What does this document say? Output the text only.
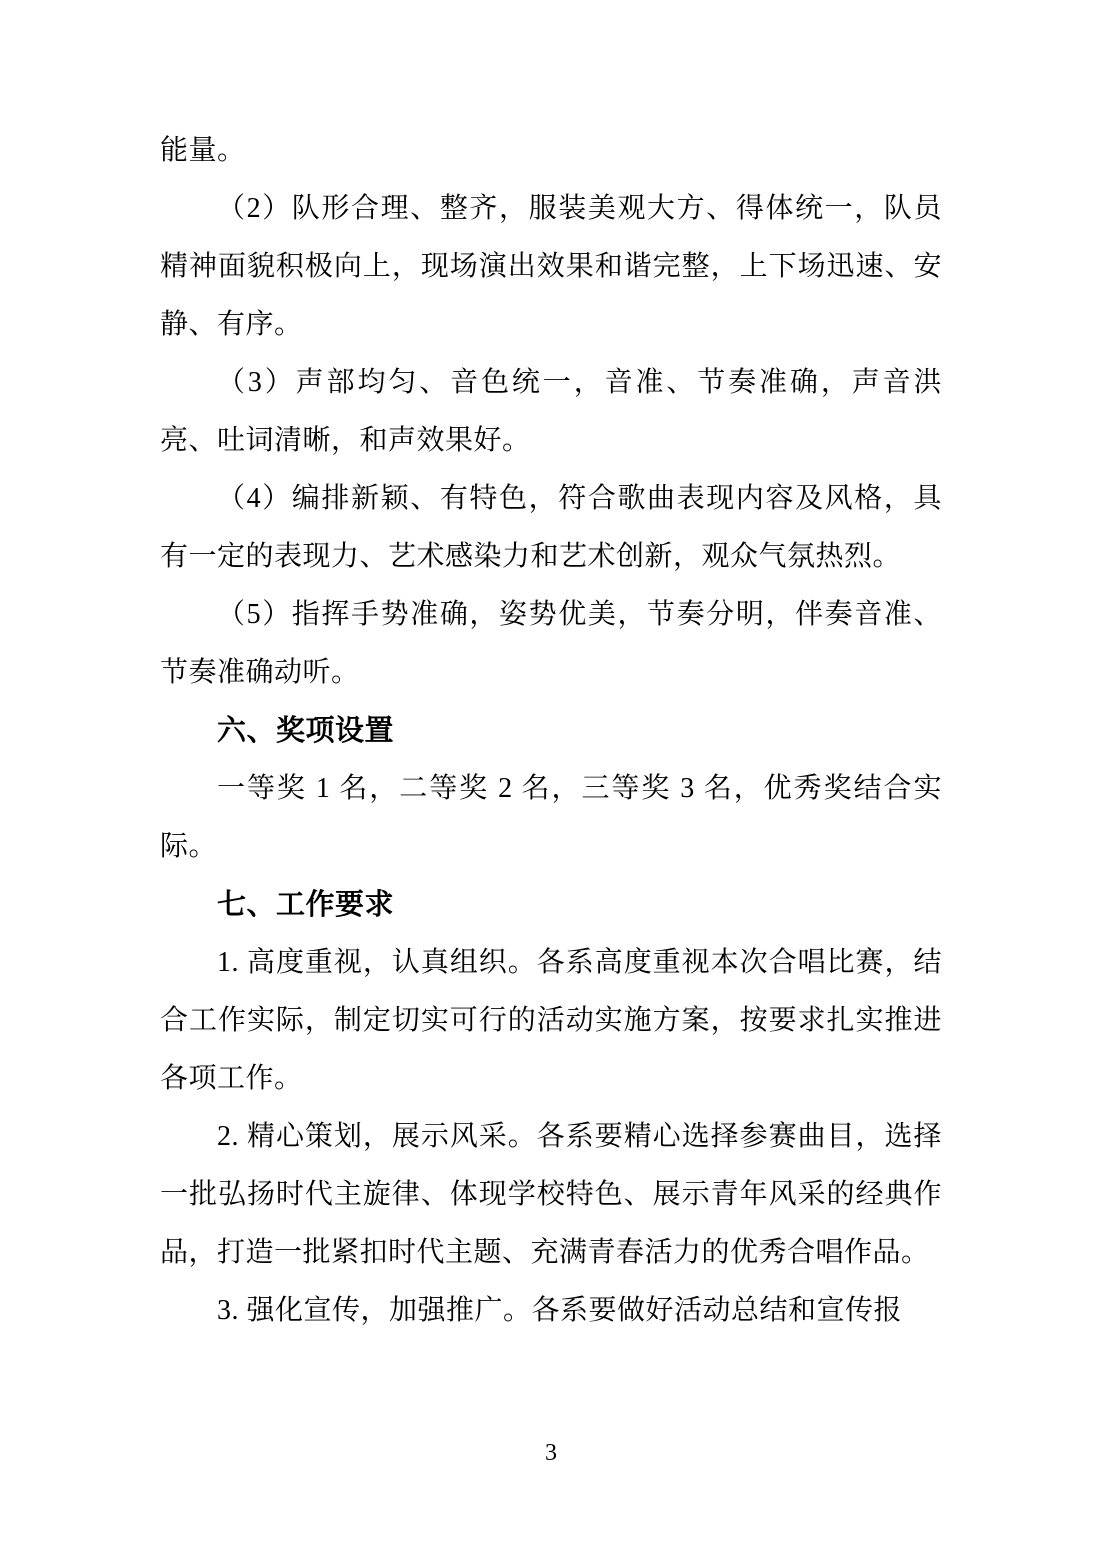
能量。

（2）队形合理、整齐，服装美观大方、得体统一，队员精神面貌积极向上，现场演出效果和谐完整，上下场迅速、安静、有序。

（3）声部均匀、音色统一，音准、节奏准确，声音洪亮、吐词清晰，和声效果好。

（4）编排新颖、有特色，符合歌曲表现内容及风格，具有一定的表现力、艺术感染力和艺术创新，观众气氛热烈。

（5）指挥手势准确，姿势优美，节奏分明，伴奏音准、节奏准确动听。

六、奖项设置

一等奖 1 名，二等奖 2 名，三等奖 3 名，优秀奖结合实际。

七、工作要求

1. 高度重视，认真组织。各系高度重视本次合唱比赛，结合工作实际，制定切实可行的活动实施方案，按要求扎实推进各项工作。

2. 精心策划，展示风采。各系要精心选择参赛曲目，选择一批弘扬时代主旋律、体现学校特色、展示青年风采的经典作品，打造一批紧扣时代主题、充满青春活力的优秀合唱作品。

3. 强化宣传，加强推广。各系要做好活动总结和宣传报

3
